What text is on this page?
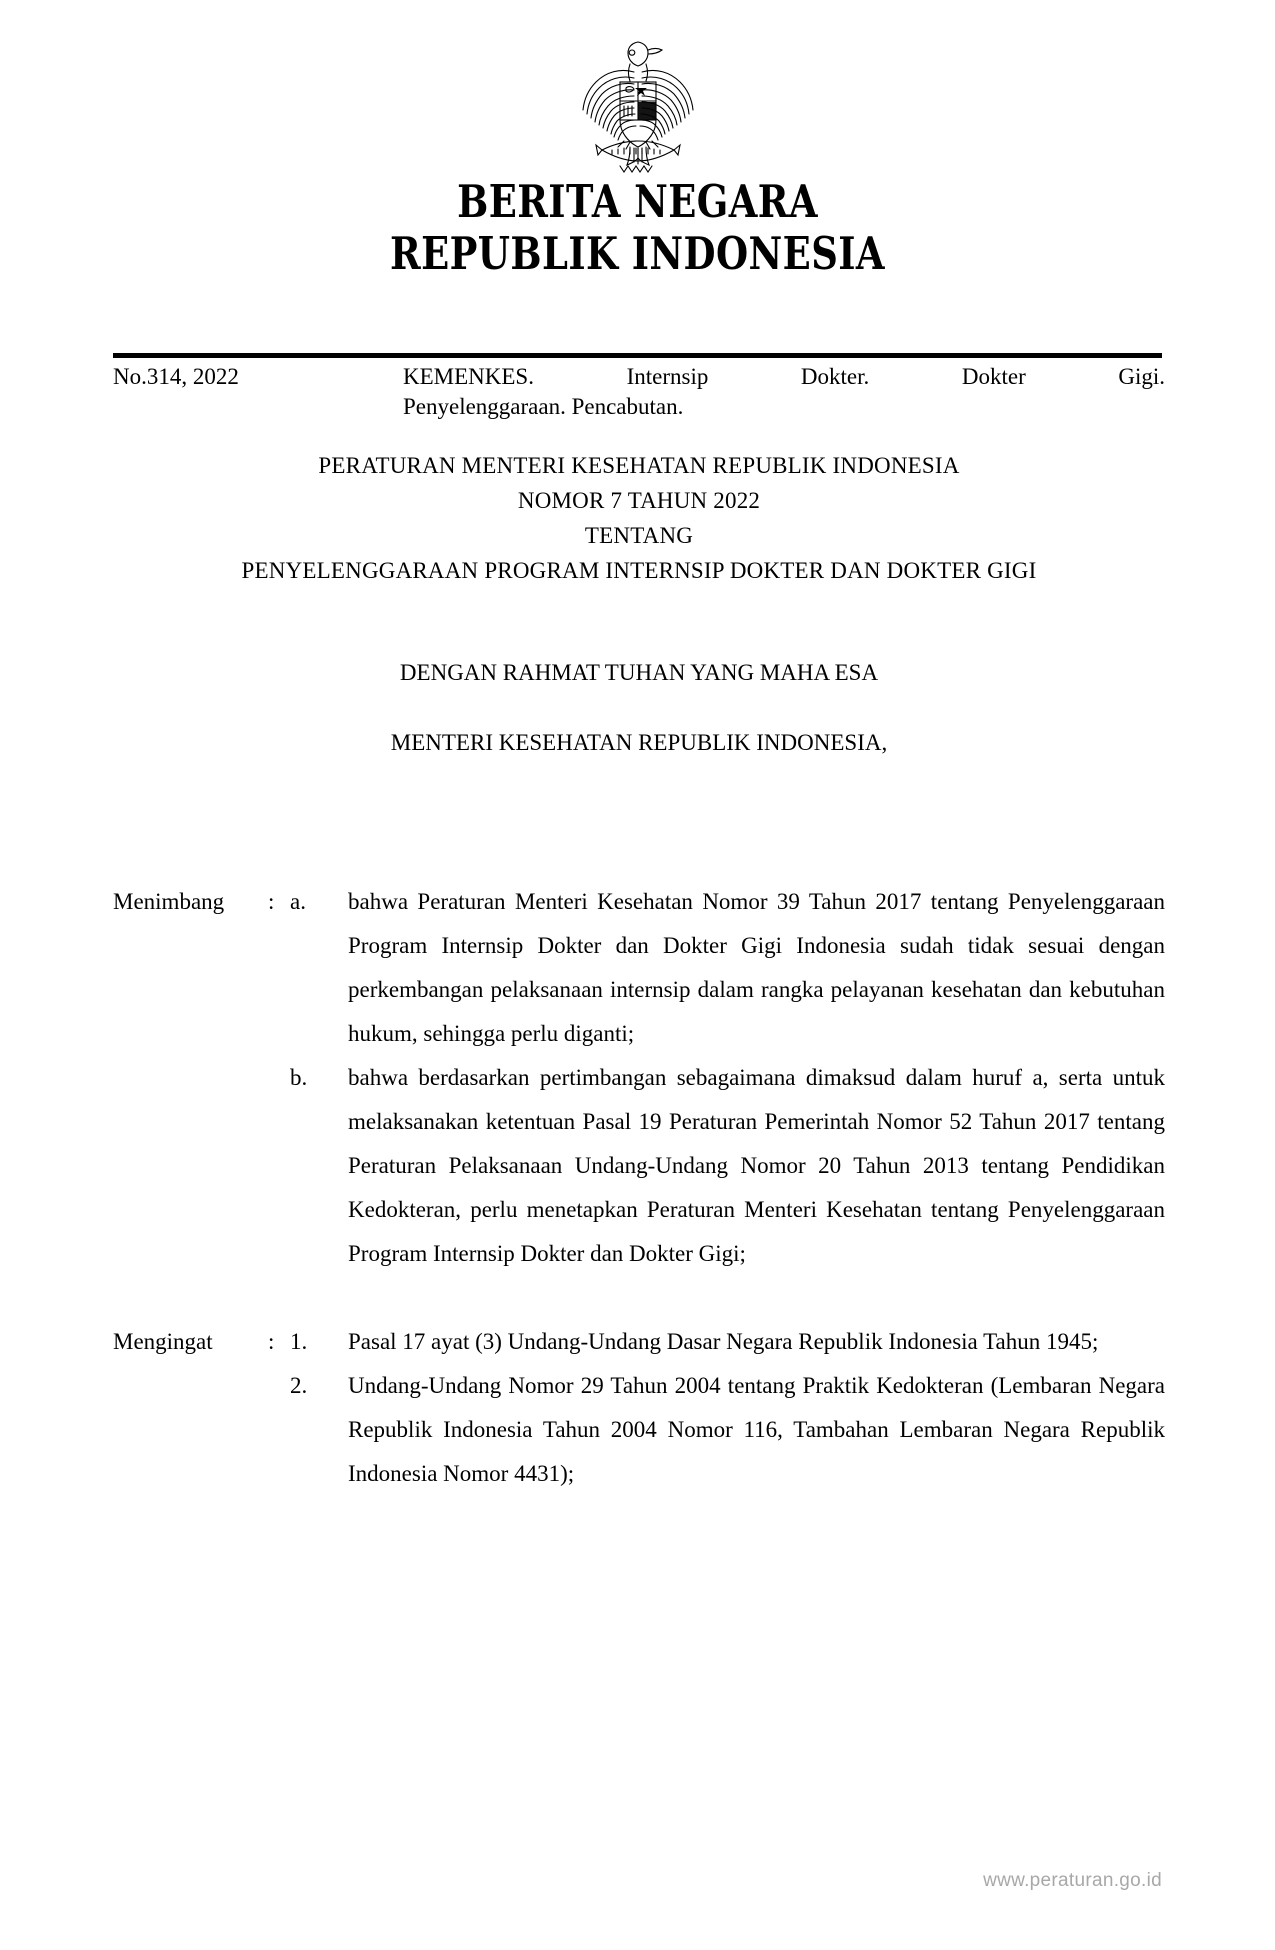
BERITA NEGARA
REPUBLIK INDONESIA
No.314, 2022	KEMENKES. Internsip Dokter. Dokter Gigi.
Penyelenggaraan. Pencabutan.
PERATURAN MENTERI KESEHATAN REPUBLIK INDONESIA
NOMOR 7 TAHUN 2022
TENTANG
PENYELENGGARAAN PROGRAM INTERNSIP DOKTER DAN DOKTER GIGI
DENGAN RAHMAT TUHAN YANG MAHA ESA
MENTERI KESEHATAN REPUBLIK INDONESIA,
Menimbang	: a.	bahwa Peraturan Menteri Kesehatan Nomor 39 Tahun 2017 tentang Penyelenggaraan Program Internsip Dokter dan Dokter Gigi Indonesia sudah tidak sesuai dengan perkembangan pelaksanaan internsip dalam rangka pelayanan kesehatan dan kebutuhan hukum, sehingga perlu diganti;
b.	bahwa berdasarkan pertimbangan sebagaimana dimaksud dalam huruf a, serta untuk melaksanakan ketentuan Pasal 19 Peraturan Pemerintah Nomor 52 Tahun 2017 tentang Peraturan Pelaksanaan Undang-Undang Nomor 20 Tahun 2013 tentang Pendidikan Kedokteran, perlu menetapkan Peraturan Menteri Kesehatan tentang Penyelenggaraan Program Internsip Dokter dan Dokter Gigi;
Mengingat	: 1.	Pasal 17 ayat (3) Undang-Undang Dasar Negara Republik Indonesia Tahun 1945;
2.	Undang-Undang Nomor 29 Tahun 2004 tentang Praktik Kedokteran (Lembaran Negara Republik Indonesia Tahun 2004 Nomor 116, Tambahan Lembaran Negara Republik Indonesia Nomor 4431);
www.peraturan.go.id
